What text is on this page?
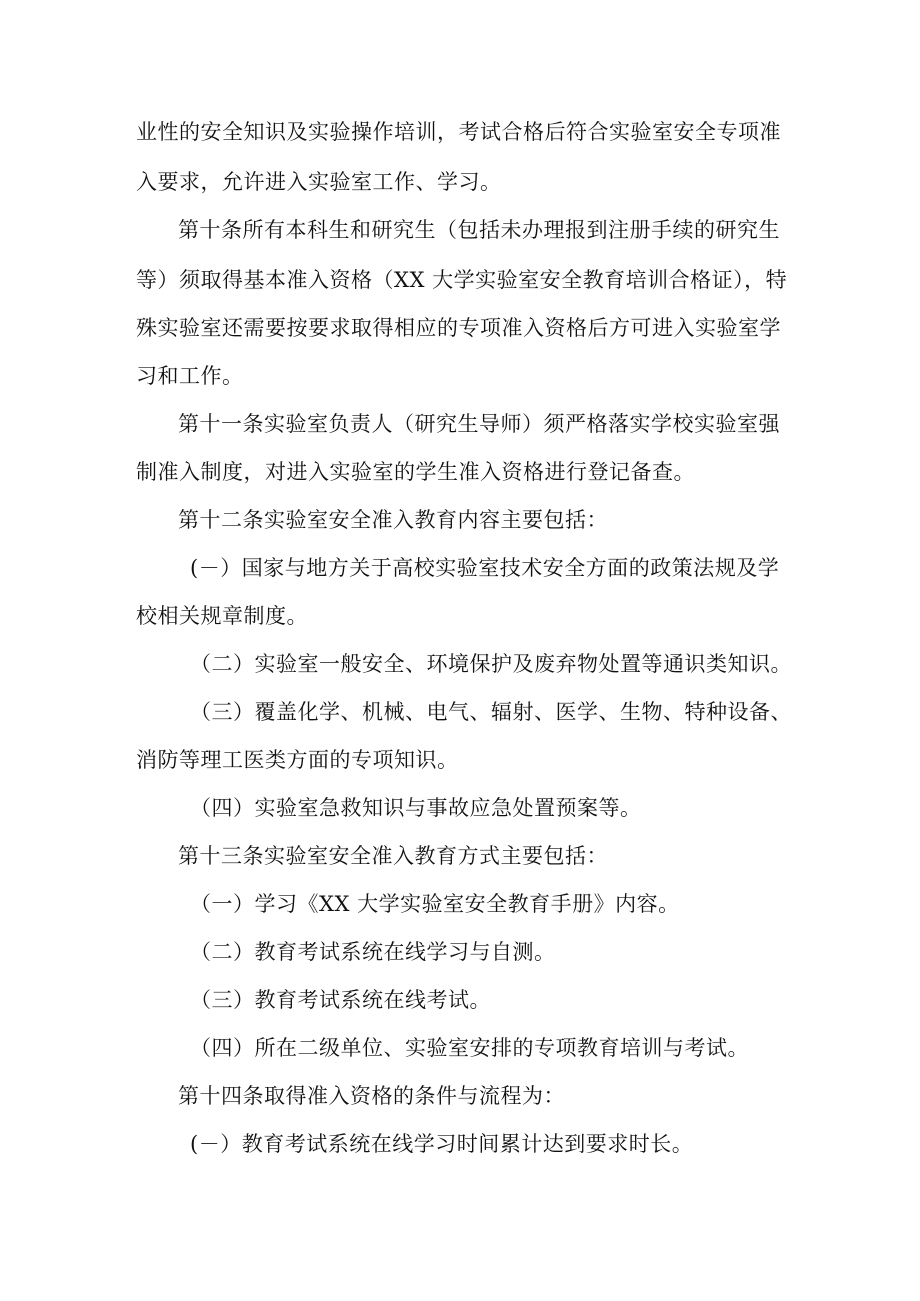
业性的安全知识及实验操作培训，考试合格后符合实验室安全专项准
入要求，允许进入实验室工作、学习。
第十条所有本科生和研究生（包括未办理报到注册手续的研究生
等）须取得基本准入资格（XX 大学实验室安全教育培训合格证），特
殊实验室还需要按要求取得相应的专项准入资格后方可进入实验室学
习和工作。
第十一条实验室负责人（研究生导师）须严格落实学校实验室强
制准入制度，对进入实验室的学生准入资格进行登记备查。
第十二条实验室安全准入教育内容主要包括：
(－）国家与地方关于高校实验室技术安全方面的政策法规及学
校相关规章制度。
（二）实验室一般安全、环境保护及废弃物处置等通识类知识。
（三）覆盖化学、机械、电气、辐射、医学、生物、特种设备、
消防等理工医类方面的专项知识。
（四）实验室急救知识与事故应急处置预案等。
第十三条实验室安全准入教育方式主要包括：
（一）学习《XX 大学实验室安全教育手册》内容。
（二）教育考试系统在线学习与自测。
（三）教育考试系统在线考试。
（四）所在二级单位、实验室安排的专项教育培训与考试。
第十四条取得准入资格的条件与流程为：
(－）教育考试系统在线学习时间累计达到要求时长。
